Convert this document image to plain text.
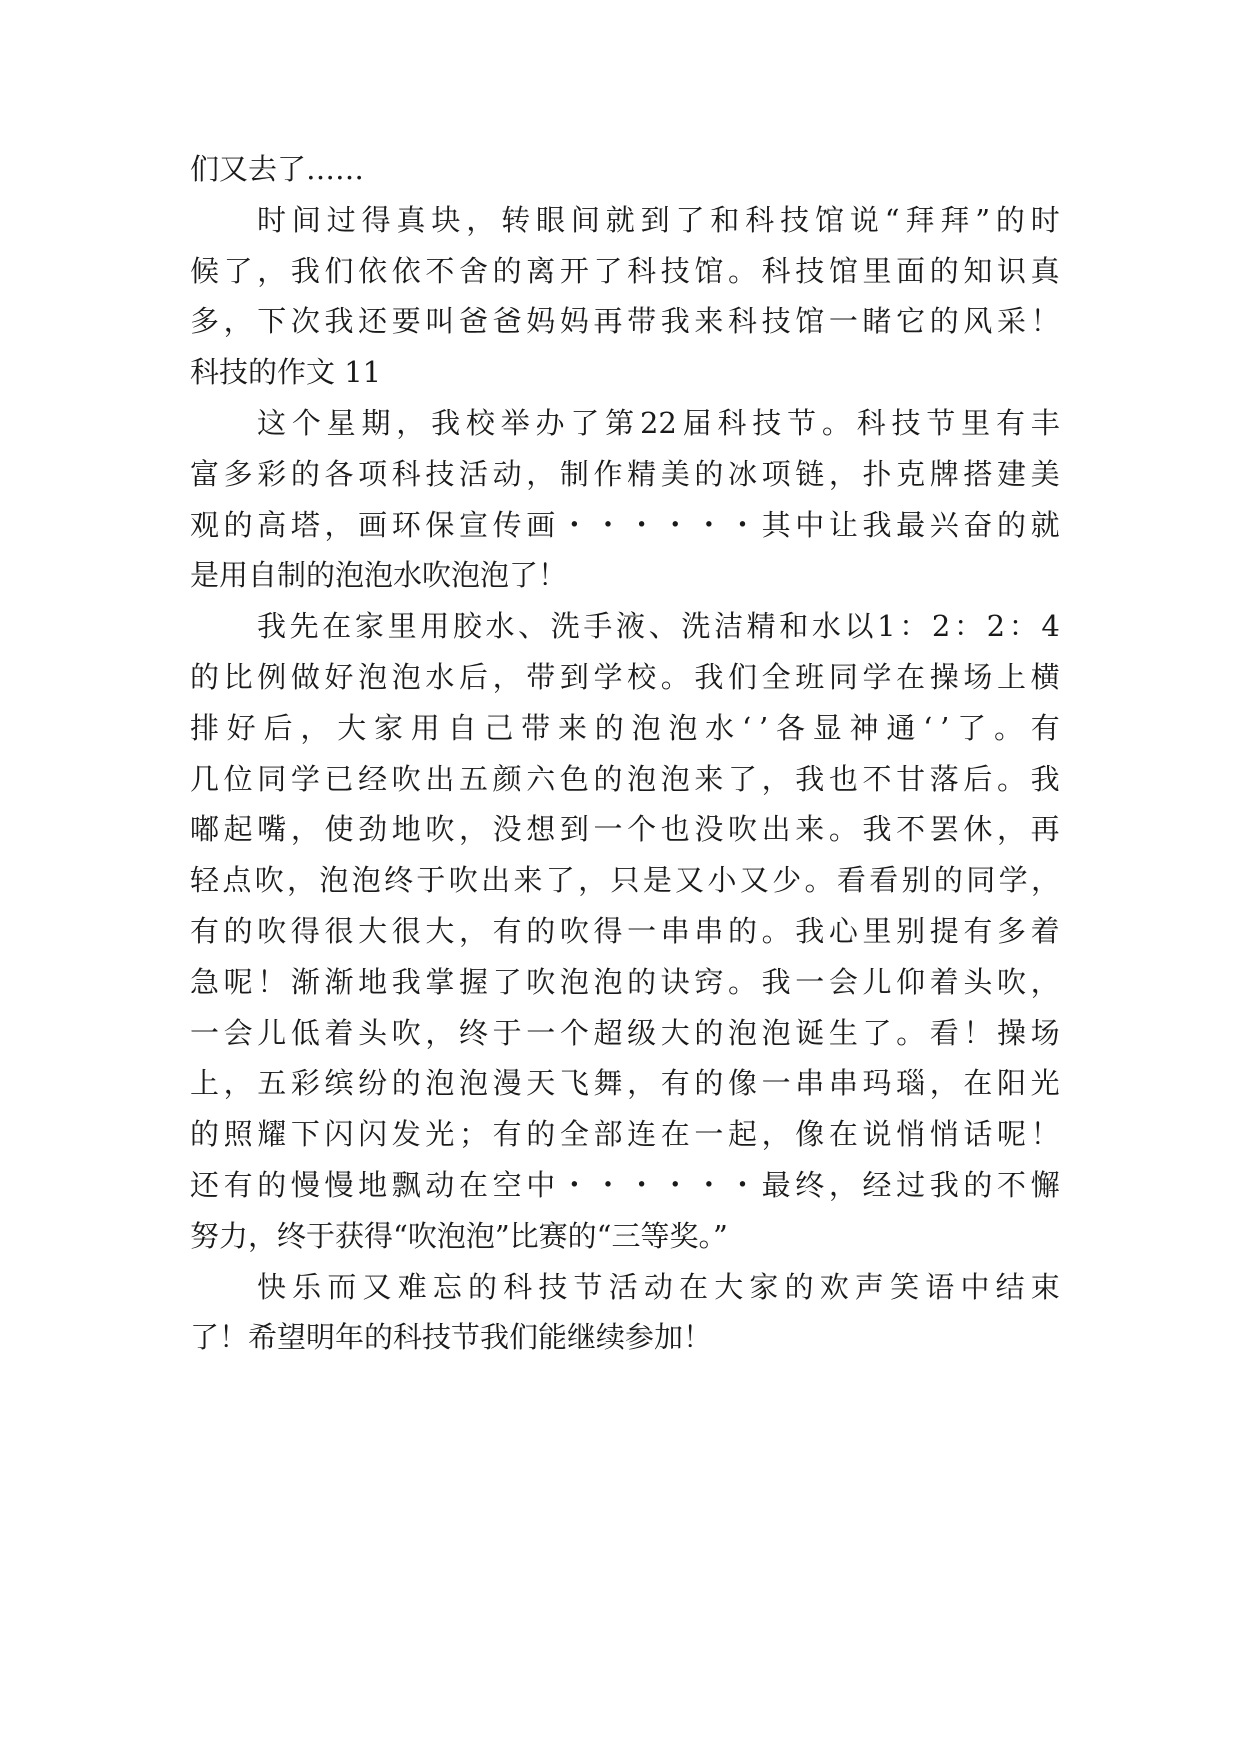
们又去了……
时 间 过 得 真 块 ， 转 眼 间 就 到 了 和 科 技 馆 说 “ 拜 拜 ” 的 时
候 了 ， 我 们 依 依 不 舍 的 离 开 了 科 技 馆 。 科 技 馆 里 面 的 知 识 真
多 ， 下 次 我 还 要 叫 爸 爸 妈 妈 再 带 我 来 科 技 馆 一 睹 它 的 风 采 ！
科技的作文 11
这 个 星 期 ， 我 校 举 办 了 第 22 届 科 技 节 。 科 技 节 里 有 丰
富 多 彩 的 各 项 科 技 活 动 ， 制 作 精 美 的 冰 项 链 ， 扑 克 牌 搭 建 美
观 的 高 塔 ， 画 环 保 宣 传 画 ・ ・ ・ ・ ・ ・ 其 中 让 我 最 兴 奋 的 就
是用自制的泡泡水吹泡泡了！
我 先 在 家 里 用 胶 水 、 洗 手 液 、 洗 洁 精 和 水 以 1 ： 2 ： 2 ： 4
的 比 例 做 好 泡 泡 水 后 ， 带 到 学 校 。 我 们 全 班 同 学 在 操 场 上 横
排 好 后 ， 大 家 用 自 己 带 来 的 泡 泡 水 ‘ ’ 各 显 神 通 ‘ ’ 了 。 有
几 位 同 学 已 经 吹 出 五 颜 六 色 的 泡 泡 来 了 ， 我 也 不 甘 落 后 。 我
嘟 起 嘴 ， 使 劲 地 吹 ， 没 想 到 一 个 也 没 吹 出 来 。 我 不 罢 休 ， 再
轻 点 吹 ， 泡 泡 终 于 吹 出 来 了 ， 只 是 又 小 又 少 。 看 看 别 的 同 学 ，
有 的 吹 得 很 大 很 大 ， 有 的 吹 得 一 串 串 的 。 我 心 里 别 提 有 多 着
急 呢 ！ 渐 渐 地 我 掌 握 了 吹 泡 泡 的 诀 窍 。 我 一 会 儿 仰 着 头 吹 ，
一 会 儿 低 着 头 吹 ， 终 于 一 个 超 级 大 的 泡 泡 诞 生 了 。 看 ！ 操 场
上 ， 五 彩 缤 纷 的 泡 泡 漫 天 飞 舞 ， 有 的 像 一 串 串 玛 瑙 ， 在 阳 光
的 照 耀 下 闪 闪 发 光 ； 有 的 全 部 连 在 一 起 ， 像 在 说 悄 悄 话 呢 ！
还 有 的 慢 慢 地 飘 动 在 空 中 ・ ・ ・ ・ ・ ・ 最 终 ， 经 过 我 的 不 懈
努力，终于获得“吹泡泡”比赛的“三等奖。”
快 乐 而 又 难 忘 的 科 技 节 活 动 在 大 家 的 欢 声 笑 语 中 结 束
了！希望明年的科技节我们能继续参加！
